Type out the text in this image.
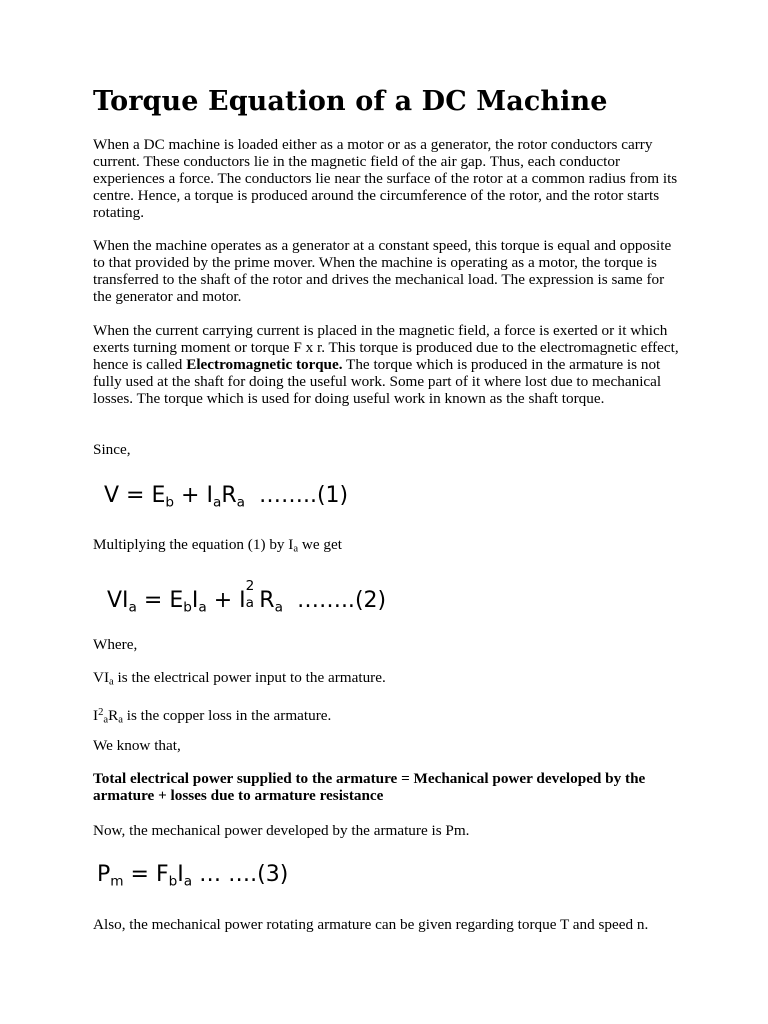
Torque Equation of a DC Machine

When a DC machine is loaded either as a motor or as a generator, the rotor conductors carry current. These conductors lie in the magnetic field of the air gap. Thus, each conductor experiences a force. The conductors lie near the surface of the rotor at a common radius from its centre. Hence, a torque is produced around the circumference of the rotor, and the rotor starts rotating.

When the machine operates as a generator at a constant speed, this torque is equal and opposite to that provided by the prime mover. When the machine is operating as a motor, the torque is transferred to the shaft of the rotor and drives the mechanical load. The expression is same for the generator and motor.

When the current carrying current is placed in the magnetic field, a force is exerted or it which exerts turning moment or torque F x r. This torque is produced due to the electromagnetic effect, hence is called Electromagnetic torque. The torque which is produced in the armature is not fully used at the shaft for doing the useful work. Some part of it where lost due to mechanical losses. The torque which is used for doing useful work in known as the shaft torque.

Since,

$V = E_b + I_aR_a$  ……..(1)

Multiplying the equation (1) by Ia we get

$VI_a = E_bI_a + I$
2
a $R_a$  ……..(2)

Where,

VIa is the electrical power input to the armature.

$I^2aRa$ is the copper loss in the armature.

We know that,

Total electrical power supplied to the armature = Mechanical power developed by the armature + losses due to armature resistance

Now, the mechanical power developed by the armature is Pm.

$P_m = F_bI_a$ … ….(3)

Also, the mechanical power rotating armature can be given regarding torque T and speed n.
